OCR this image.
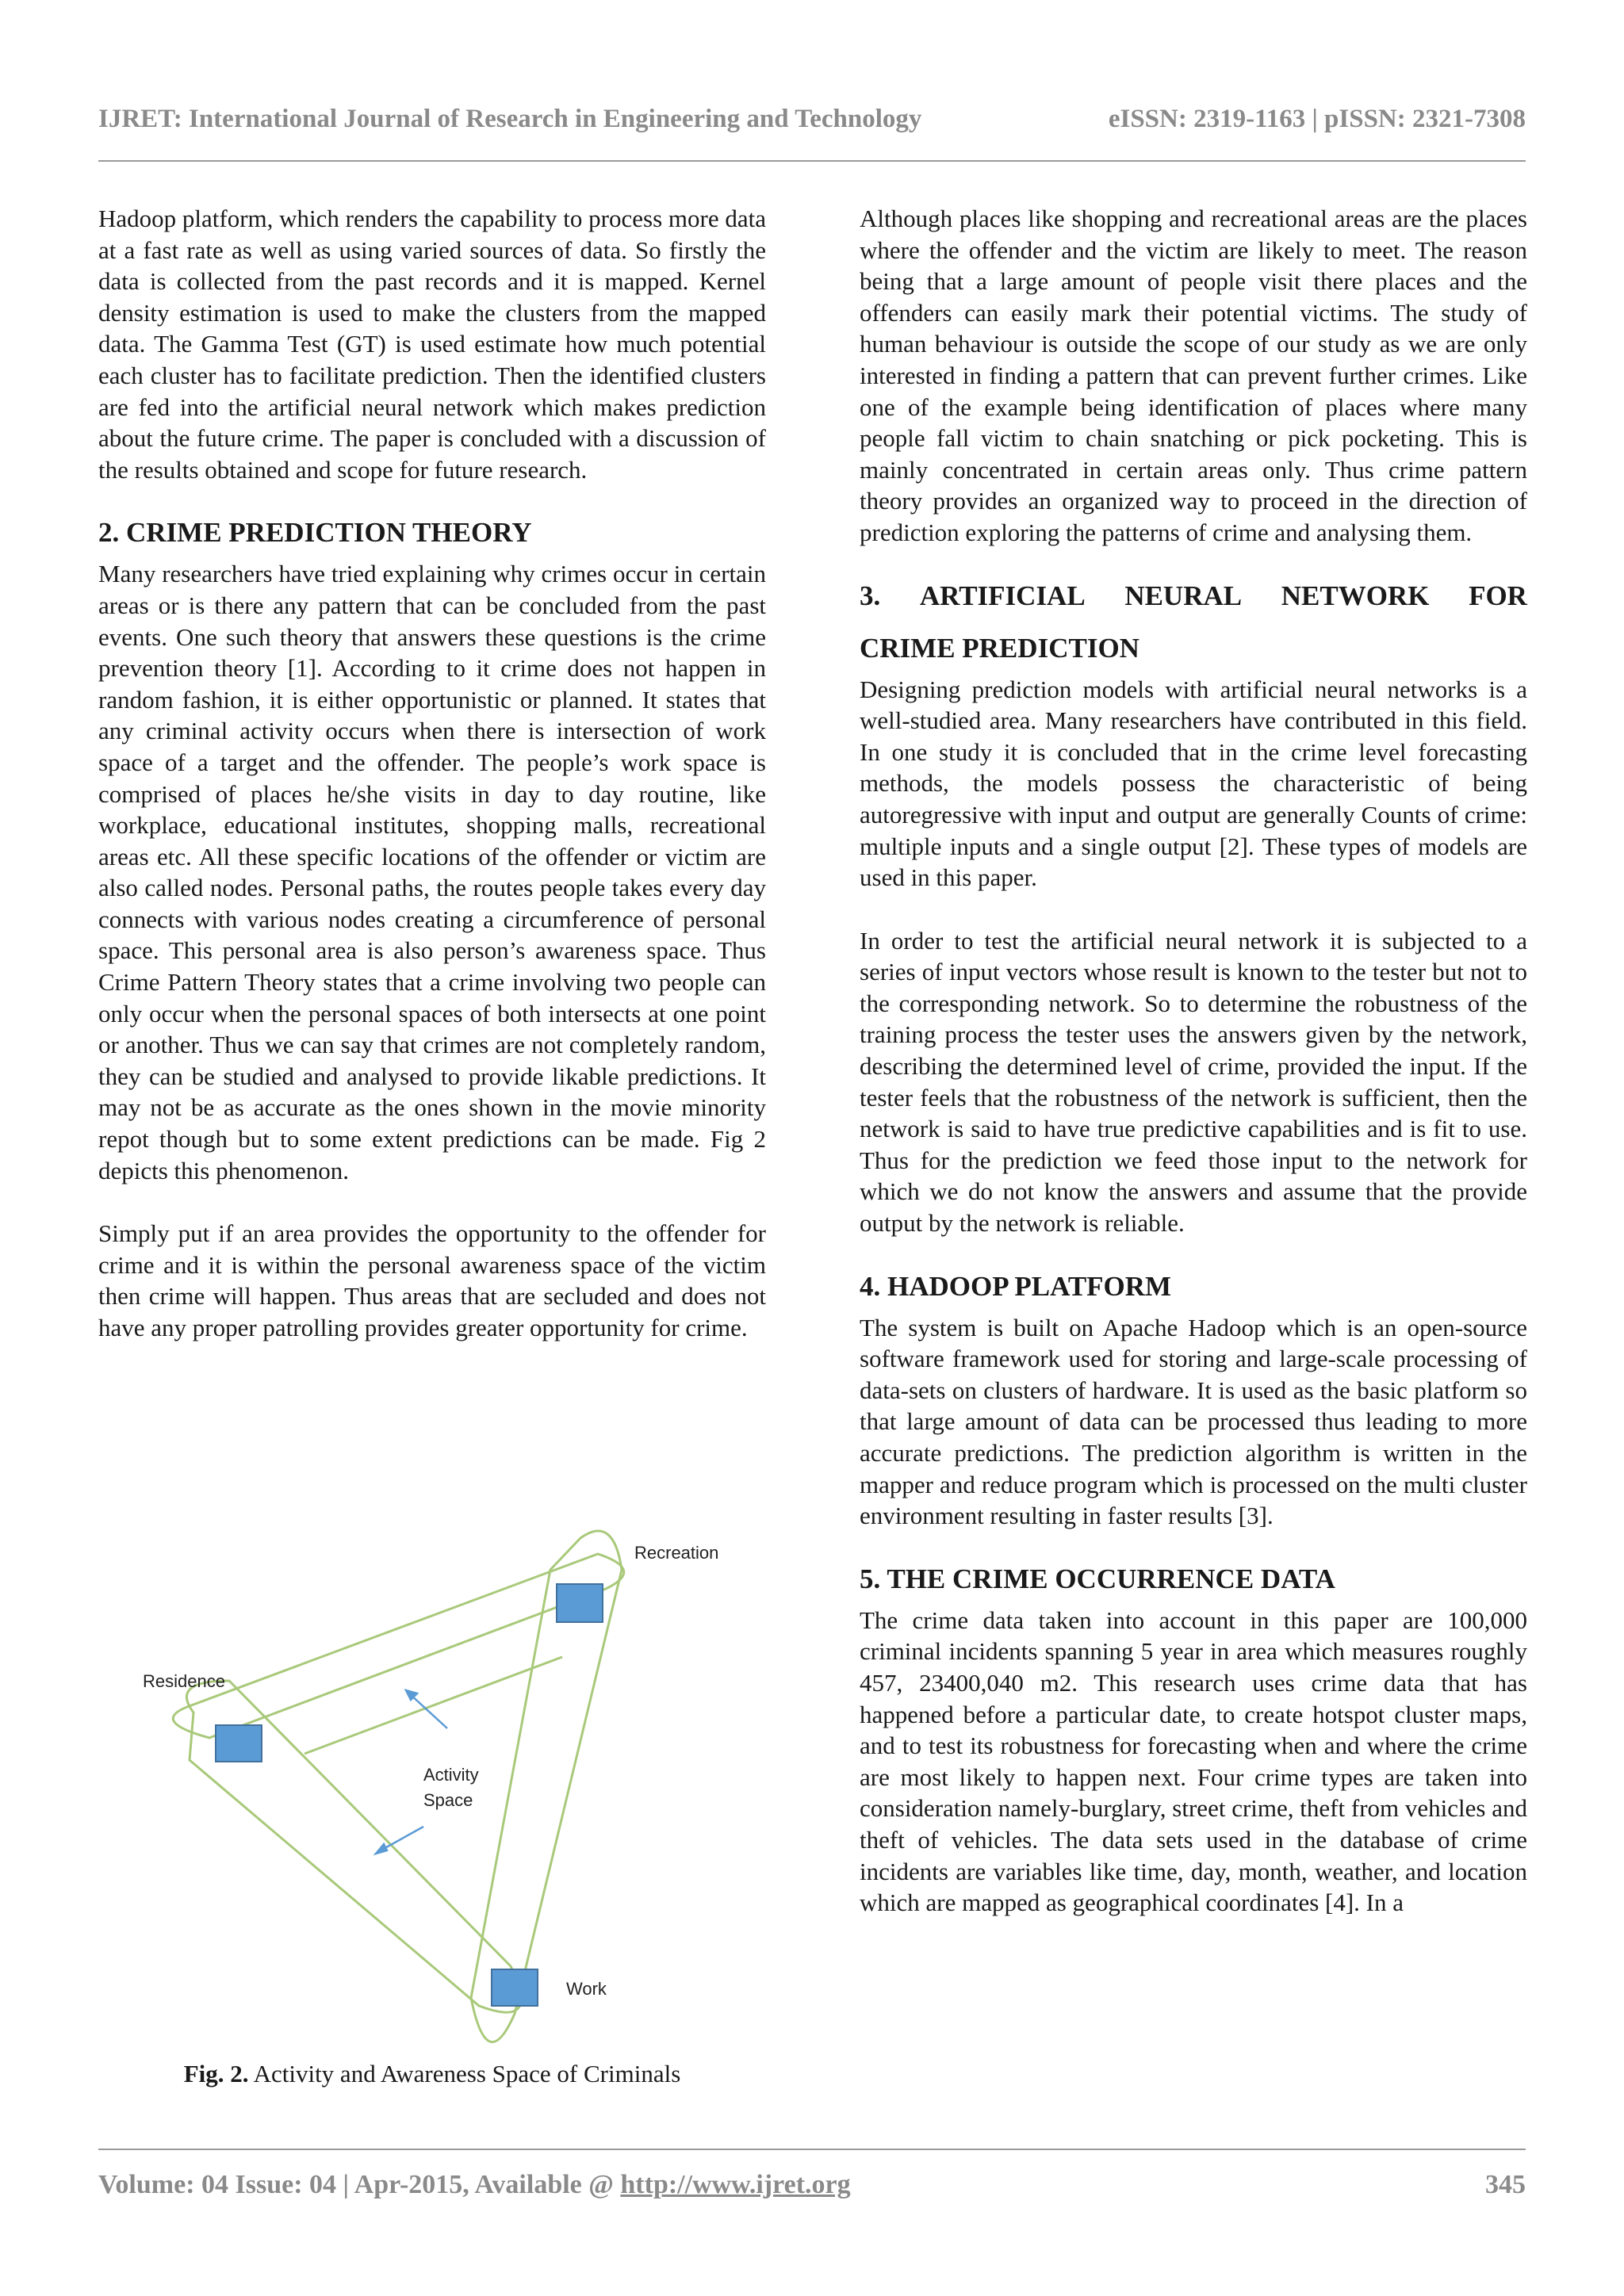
IJRET: International Journal of Research in Engineering and Technology	eISSN: 2319-1163 | pISSN: 2321-7308

Hadoop platform, which renders the capability to process more data at a fast rate as well as using varied sources of data. So firstly the data is collected from the past records and it is mapped. Kernel density estimation is used to make the clusters from the mapped data. The Gamma Test (GT) is used estimate how much potential each cluster has to facilitate prediction. Then the identified clusters are fed into the artificial neural network which makes prediction about the future crime. The paper is concluded with a discussion of the results obtained and scope for future research.

2. CRIME PREDICTION THEORY

Many researchers have tried explaining why crimes occur in certain areas or is there any pattern that can be concluded from the past events. One such theory that answers these questions is the crime prevention theory [1]. According to it crime does not happen in random fashion, it is either opportunistic or planned. It states that any criminal activity occurs when there is intersection of work space of a target and the offender. The people’s work space is comprised of places he/she visits in day to day routine, like workplace, educational institutes, shopping malls, recreational areas etc. All these specific locations of the offender or victim are also called nodes. Personal paths, the routes people takes every day connects with various nodes creating a circumference of personal space. This personal area is also person’s awareness space. Thus Crime Pattern Theory states that a crime involving two people can only occur when the personal spaces of both intersects at one point or another. Thus we can say that crimes are not completely random, they can be studied and analysed to provide likable predictions. It may not be as accurate as the ones shown in the movie minority repot though but to some extent predictions can be made. Fig 2 depicts this phenomenon.

Simply put if an area provides the opportunity to the offender for crime and it is within the personal awareness space of the victim then crime will happen. Thus areas that are secluded and does not have any proper patrolling provides greater opportunity for crime.

Recreation
Residence
Activity
Space
Work
Fig. 2. Activity and Awareness Space of Criminals

Although places like shopping and recreational areas are the places where the offender and the victim are likely to meet. The reason being that a large amount of people visit there places and the offenders can easily mark their potential victims. The study of human behaviour is outside the scope of our study as we are only interested in finding a pattern that can prevent further crimes. Like one of the example being identification of places where many people fall victim to chain snatching or pick pocketing. This is mainly concentrated in certain areas only. Thus crime pattern theory provides an organized way to proceed in the direction of prediction exploring the patterns of crime and analysing them.

3. ARTIFICIAL NEURAL NETWORK FOR
CRIME PREDICTION

Designing prediction models with artificial neural networks is a well-studied area. Many researchers have contributed in this field. In one study it is concluded that in the crime level forecasting methods, the models possess the characteristic of being autoregressive with input and output are generally Counts of crime: multiple inputs and a single output [2]. These types of models are used in this paper.

In order to test the artificial neural network it is subjected to a series of input vectors whose result is known to the tester but not to the corresponding network. So to determine the robustness of the training process the tester uses the answers given by the network, describing the determined level of crime, provided the input. If the tester feels that the robustness of the network is sufficient, then the network is said to have true predictive capabilities and is fit to use. Thus for the prediction we feed those input to the network for which we do not know the answers and assume that the provide output by the network is reliable.

4. HADOOP PLATFORM

The system is built on Apache Hadoop which is an open-source software framework used for storing and large-scale processing of data-sets on clusters of hardware. It is used as the basic platform so that large amount of data can be processed thus leading to more accurate predictions. The prediction algorithm is written in the mapper and reduce program which is processed on the multi cluster environment resulting in faster results [3].

5. THE CRIME OCCURRENCE DATA

The crime data taken into account in this paper are 100,000 criminal incidents spanning 5 year in area which measures roughly 457, 23400,040 m2. This research uses crime data that has happened before a particular date, to create hotspot cluster maps, and to test its robustness for forecasting when and where the crime are most likely to happen next. Four crime types are taken into consideration namely-burglary, street crime, theft from vehicles and theft of vehicles. The data sets used in the database of crime incidents are variables like time, day, month, weather, and location which are mapped as geographical coordinates [4]. In a

Volume: 04 Issue: 04 | Apr-2015, Available @ http://www.ijret.org	345
